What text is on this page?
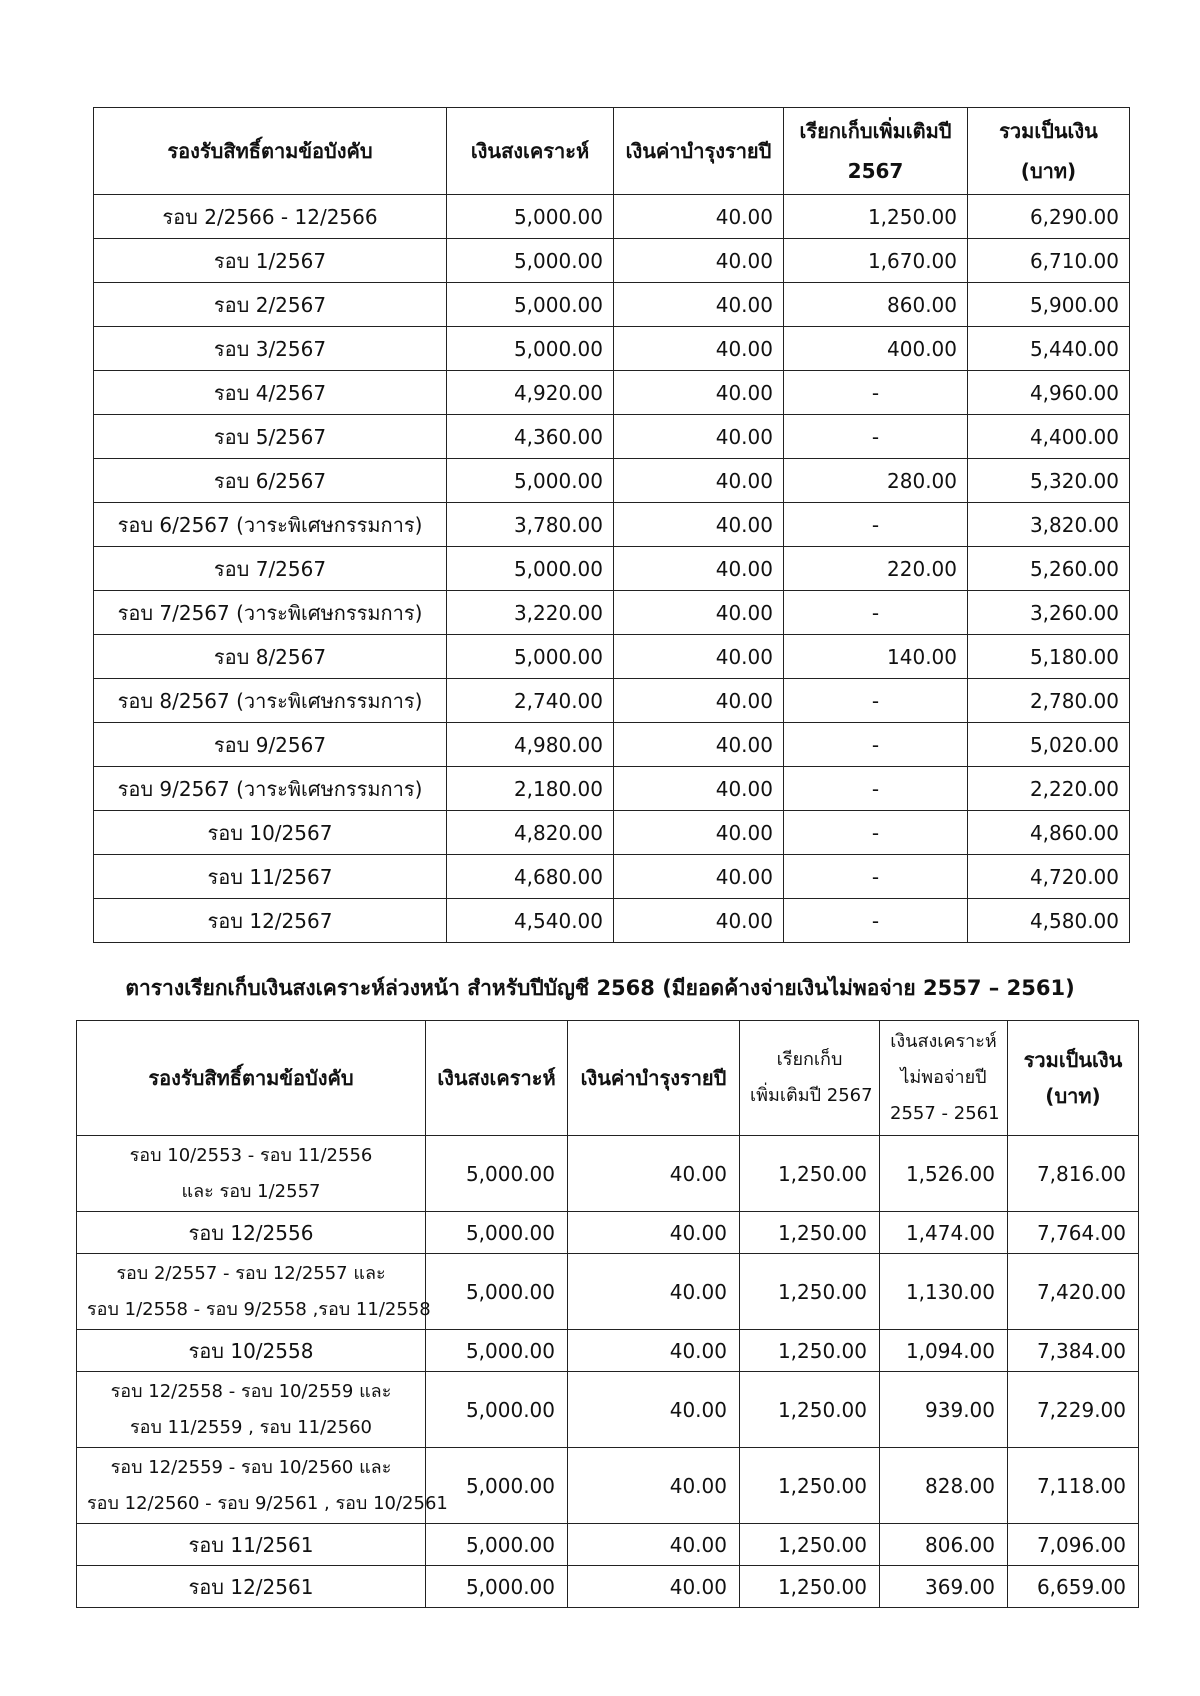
รองรับสิทธิ์ตามข้อบังคับ	เงินสงเคราะห์	เงินค่าบำรุงรายปี	เรียกเก็บเพิ่มเติมปี
2567	รวมเป็นเงิน
(บาท)
รอบ 2/2566 - 12/2566	5,000.00	40.00	1,250.00	6,290.00
รอบ 1/2567	5,000.00	40.00	1,670.00	6,710.00
รอบ 2/2567	5,000.00	40.00	860.00	5,900.00
รอบ 3/2567	5,000.00	40.00	400.00	5,440.00
รอบ 4/2567	4,920.00	40.00	-	4,960.00
รอบ 5/2567	4,360.00	40.00	-	4,400.00
รอบ 6/2567	5,000.00	40.00	280.00	5,320.00
รอบ 6/2567 (วาระพิเศษกรรมการ)	3,780.00	40.00	-	3,820.00
รอบ 7/2567	5,000.00	40.00	220.00	5,260.00
รอบ 7/2567 (วาระพิเศษกรรมการ)	3,220.00	40.00	-	3,260.00
รอบ 8/2567	5,000.00	40.00	140.00	5,180.00
รอบ 8/2567 (วาระพิเศษกรรมการ)	2,740.00	40.00	-	2,780.00
รอบ 9/2567	4,980.00	40.00	-	5,020.00
รอบ 9/2567 (วาระพิเศษกรรมการ)	2,180.00	40.00	-	2,220.00
รอบ 10/2567	4,820.00	40.00	-	4,860.00
รอบ 11/2567	4,680.00	40.00	-	4,720.00
รอบ 12/2567	4,540.00	40.00	-	4,580.00
ตารางเรียกเก็บเงินสงเคราะห์ล่วงหน้า สำหรับปีบัญชี 2568 (มียอดค้างจ่ายเงินไม่พอจ่าย 2557 – 2561)
รองรับสิทธิ์ตามข้อบังคับ	เงินสงเคราะห์	เงินค่าบำรุงรายปี	เรียกเก็บ
เพิ่มเติมปี 2567	เงินสงเคราะห์
ไม่พอจ่ายปี
2557 - 2561	รวมเป็นเงิน
(บาท)
รอบ 10/2553 - รอบ 11/2556
และ รอบ 1/2557	5,000.00	40.00	1,250.00	1,526.00	7,816.00
รอบ 12/2556	5,000.00	40.00	1,250.00	1,474.00	7,764.00
รอบ 2/2557 - รอบ 12/2557 และ
รอบ 1/2558 - รอบ 9/2558 ,รอบ 11/2558	5,000.00	40.00	1,250.00	1,130.00	7,420.00
รอบ 10/2558	5,000.00	40.00	1,250.00	1,094.00	7,384.00
รอบ 12/2558 - รอบ 10/2559 และ
รอบ 11/2559 , รอบ 11/2560	5,000.00	40.00	1,250.00	939.00	7,229.00
รอบ 12/2559 - รอบ 10/2560 และ
รอบ 12/2560 - รอบ 9/2561 , รอบ 10/2561	5,000.00	40.00	1,250.00	828.00	7,118.00
รอบ 11/2561	5,000.00	40.00	1,250.00	806.00	7,096.00
รอบ 12/2561	5,000.00	40.00	1,250.00	369.00	6,659.00
